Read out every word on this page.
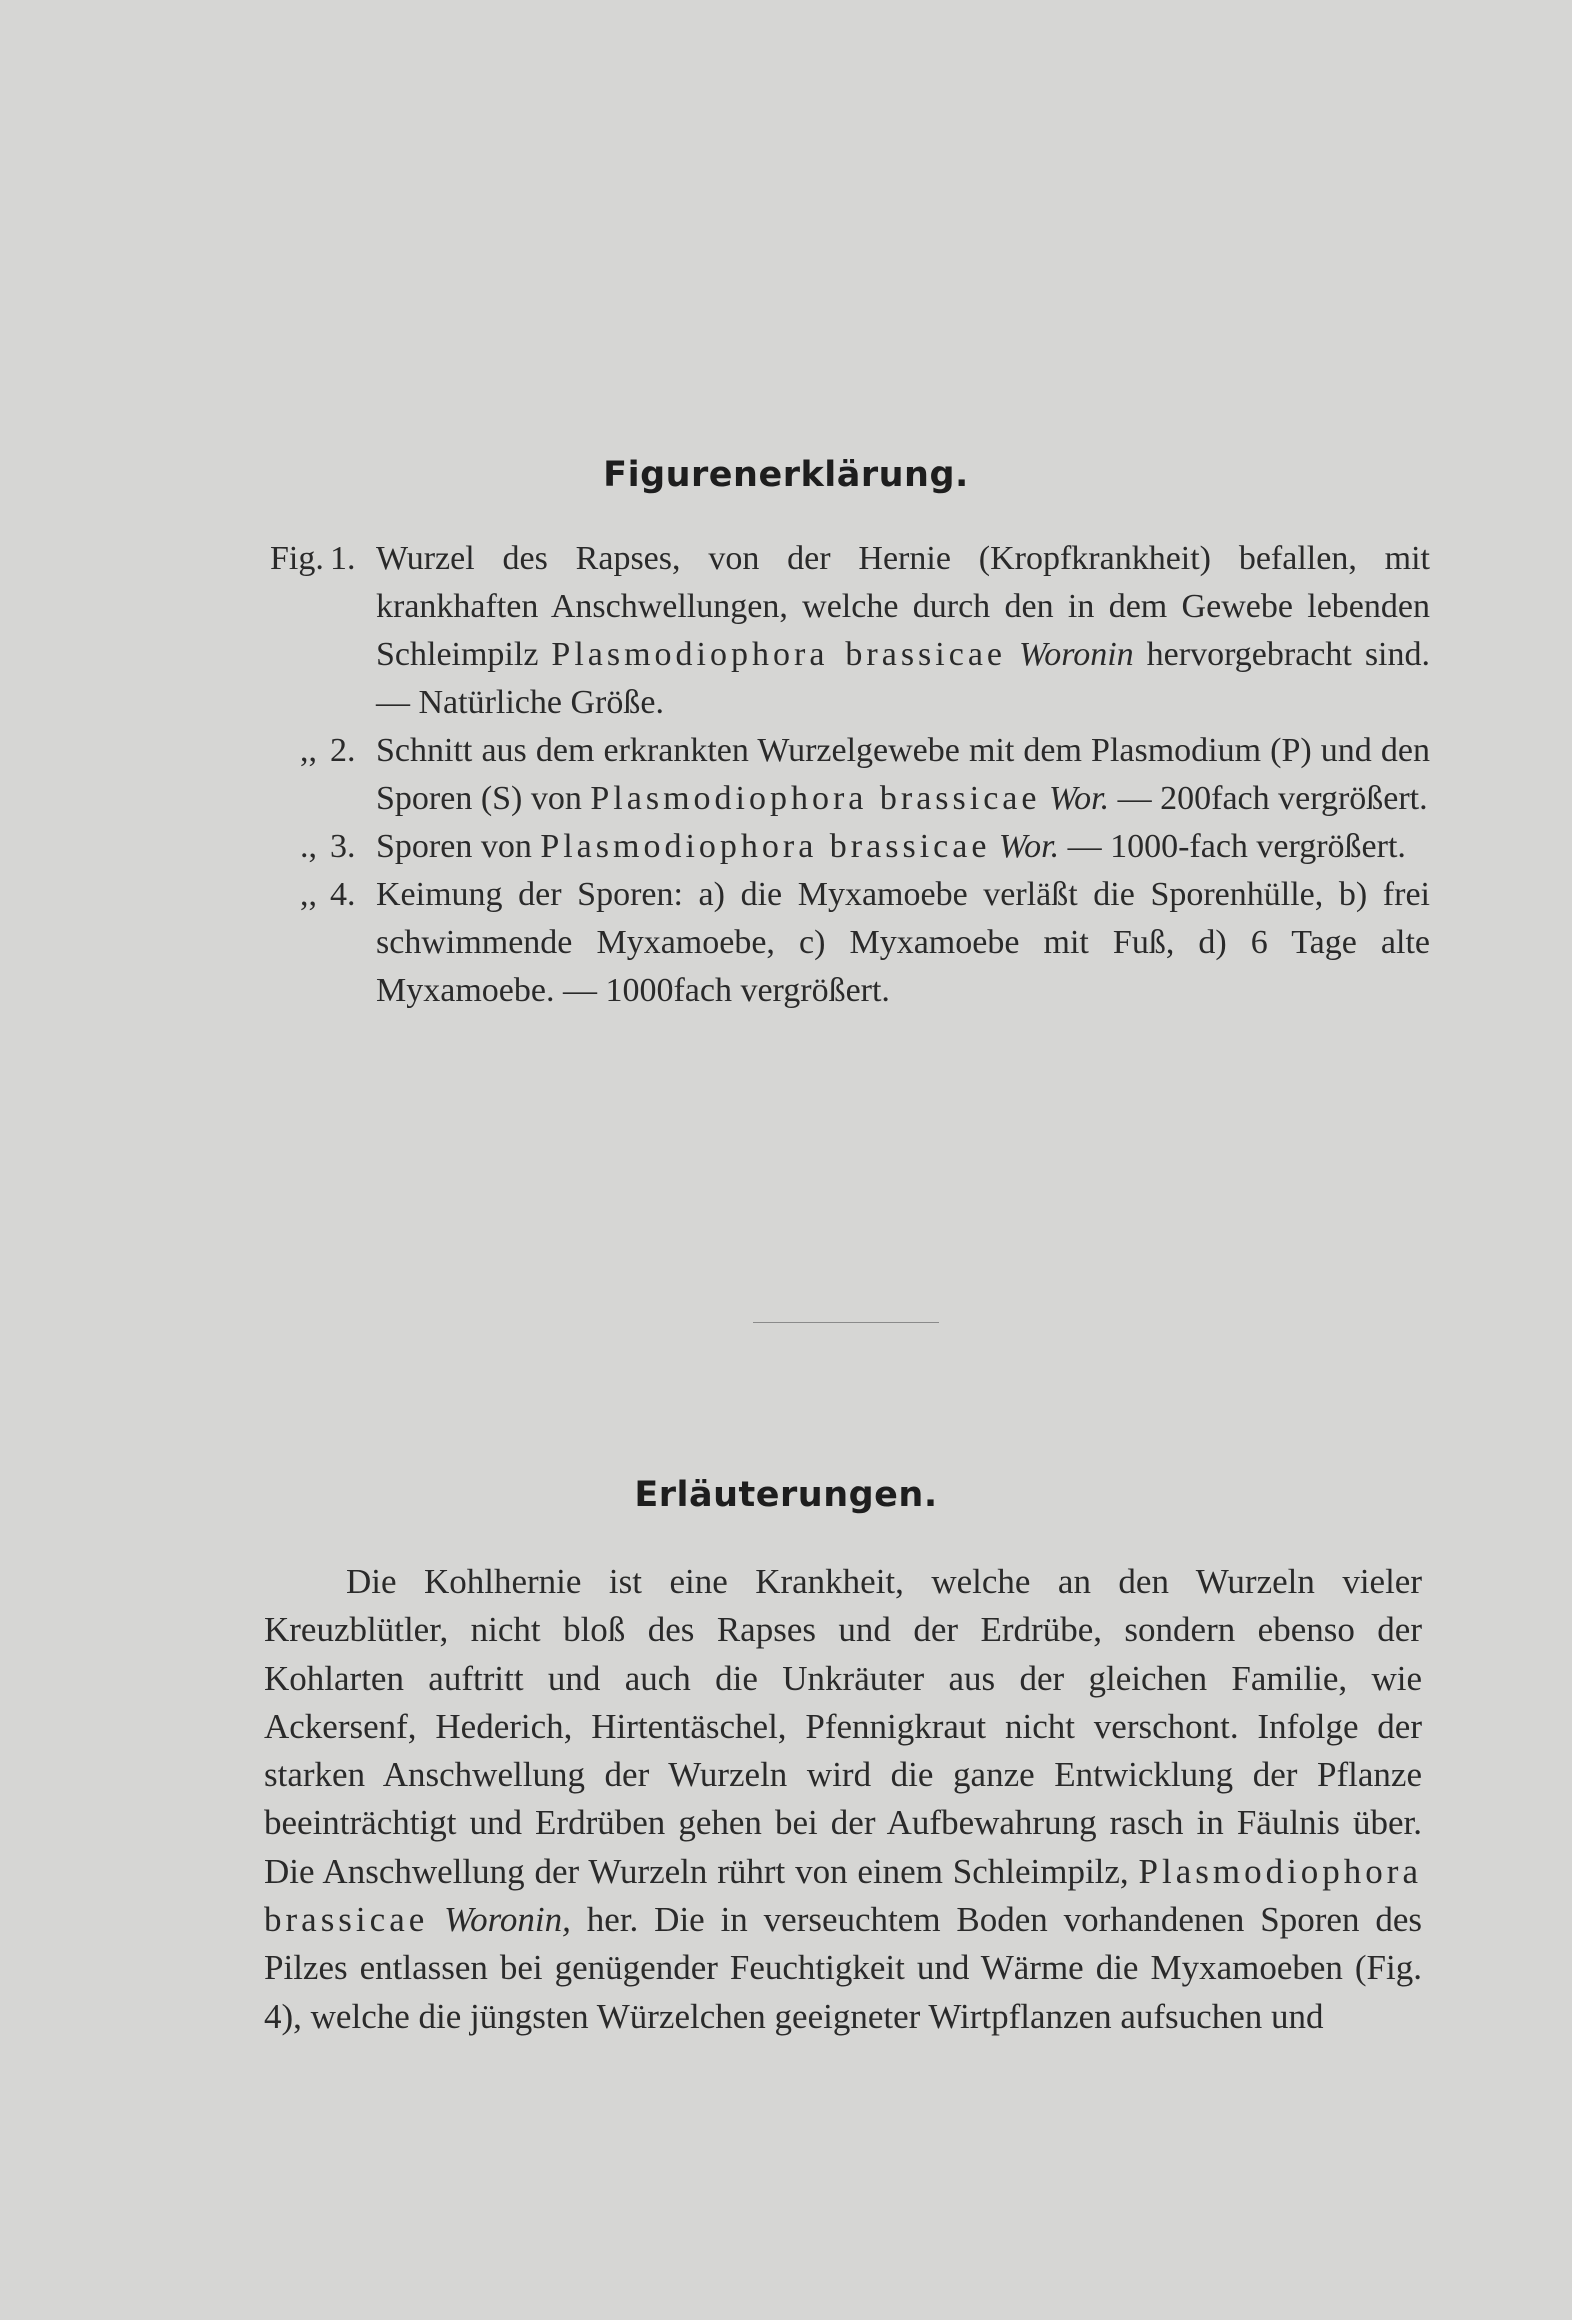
Figurenerklärung.
Fig. 1. Wurzel des Rapses, von der Hernie (Kropfkrankheit) befallen, mit krankhaften Anschwellungen, welche durch den in dem Gewebe lebenden Schleimpilz Plasmodiophora brassicae Woronin hervorgebracht sind. — Natürliche Größe.
,, 2. Schnitt aus dem erkrankten Wurzelgewebe mit dem Plasmodium (P) und den Sporen (S) von Plasmodiophora brassicae Wor. — 200fach vergrößert.
., 3. Sporen von Plasmodiophora brassicae Wor. — 1000-fach vergrößert.
,, 4. Keimung der Sporen: a) die Myxamoebe verläßt die Sporenhülle, b) frei schwimmende Myxamoebe, c) Myxamoebe mit Fuß, d) 6 Tage alte Myxamoebe. — 1000fach vergrößert.
Erläuterungen.

Die Kohlhernie ist eine Krankheit, welche an den Wurzeln vieler Kreuzblütler, nicht bloß des Rapses und der Erdrübe, sondern ebenso der Kohlarten auftritt und auch die Unkräuter aus der gleichen Familie, wie Ackersenf, Hederich, Hirtentäschel, Pfennigkraut nicht verschont. Infolge der starken Anschwellung der Wurzeln wird die ganze Entwicklung der Pflanze beeinträchtigt und Erdrüben gehen bei der Aufbewahrung rasch in Fäulnis über. Die Anschwellung der Wurzeln rührt von einem Schleimpilz, Plasmodiophora brassicae Woronin, her. Die in verseuchtem Boden vorhandenen Sporen des Pilzes entlassen bei genügender Feuchtigkeit und Wärme die Myxamoeben (Fig. 4), welche die jüngsten Würzelchen geeigneter Wirtpflanzen aufsuchen und
